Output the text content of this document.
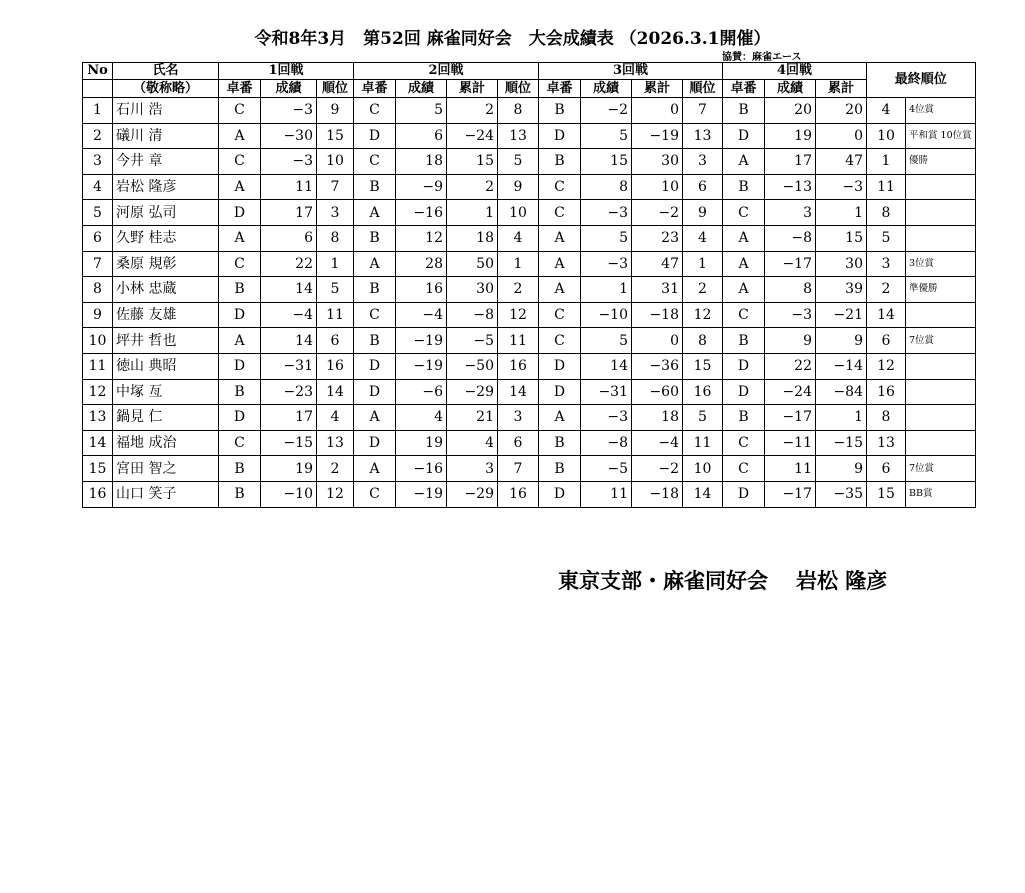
令和8年3月　第52回 麻雀同好会　大会成績表 （2026.3.1開催）
協賛：麻雀エース
No	氏名	1回戦			2回戦				3回戦				4回戦			最終順位	
	（敬称略）	卓番	成績	順位	卓番	成績	累計	順位	卓番	成績	累計	順位	卓番	成績	累計		
1	石川 浩	C	−3	9	C	5	2	8	B	−2	0	7	B	20	20	4	4位賞
2	礒川 清	A	−30	15	D	6	−24	13	D	5	−19	13	D	19	0	10	平和賞 10位賞
3	今井 章	C	−3	10	C	18	15	5	B	15	30	3	A	17	47	1	優勝
4	岩松 隆彦	A	11	7	B	−9	2	9	C	8	10	6	B	−13	−3	11	
5	河原 弘司	D	17	3	A	−16	1	10	C	−3	−2	9	C	3	1	8	
6	久野 桂志	A	6	8	B	12	18	4	A	5	23	4	A	−8	15	5	
7	桑原 規彰	C	22	1	A	28	50	1	A	−3	47	1	A	−17	30	3	3位賞
8	小林 忠蔵	B	14	5	B	16	30	2	A	1	31	2	A	8	39	2	準優勝
9	佐藤 友雄	D	−4	11	C	−4	−8	12	C	−10	−18	12	C	−3	−21	14	
10	坪井 哲也	A	14	6	B	−19	−5	11	C	5	0	8	B	9	9	6	7位賞
11	徳山 典昭	D	−31	16	D	−19	−50	16	D	14	−36	15	D	22	−14	12	
12	中塚 亙	B	−23	14	D	−6	−29	14	D	−31	−60	16	D	−24	−84	16	
13	鍋見 仁	D	17	4	A	4	21	3	A	−3	18	5	B	−17	1	8	
14	福地 成治	C	−15	13	D	19	4	6	B	−8	−4	11	C	−11	−15	13	
15	宮田 智之	B	19	2	A	−16	3	7	B	−5	−2	10	C	11	9	6	7位賞
16	山口 笑子	B	−10	12	C	−19	−29	16	D	11	−18	14	D	−17	−35	15	BB賞
東京支部・麻雀同好会 岩松 隆彦
